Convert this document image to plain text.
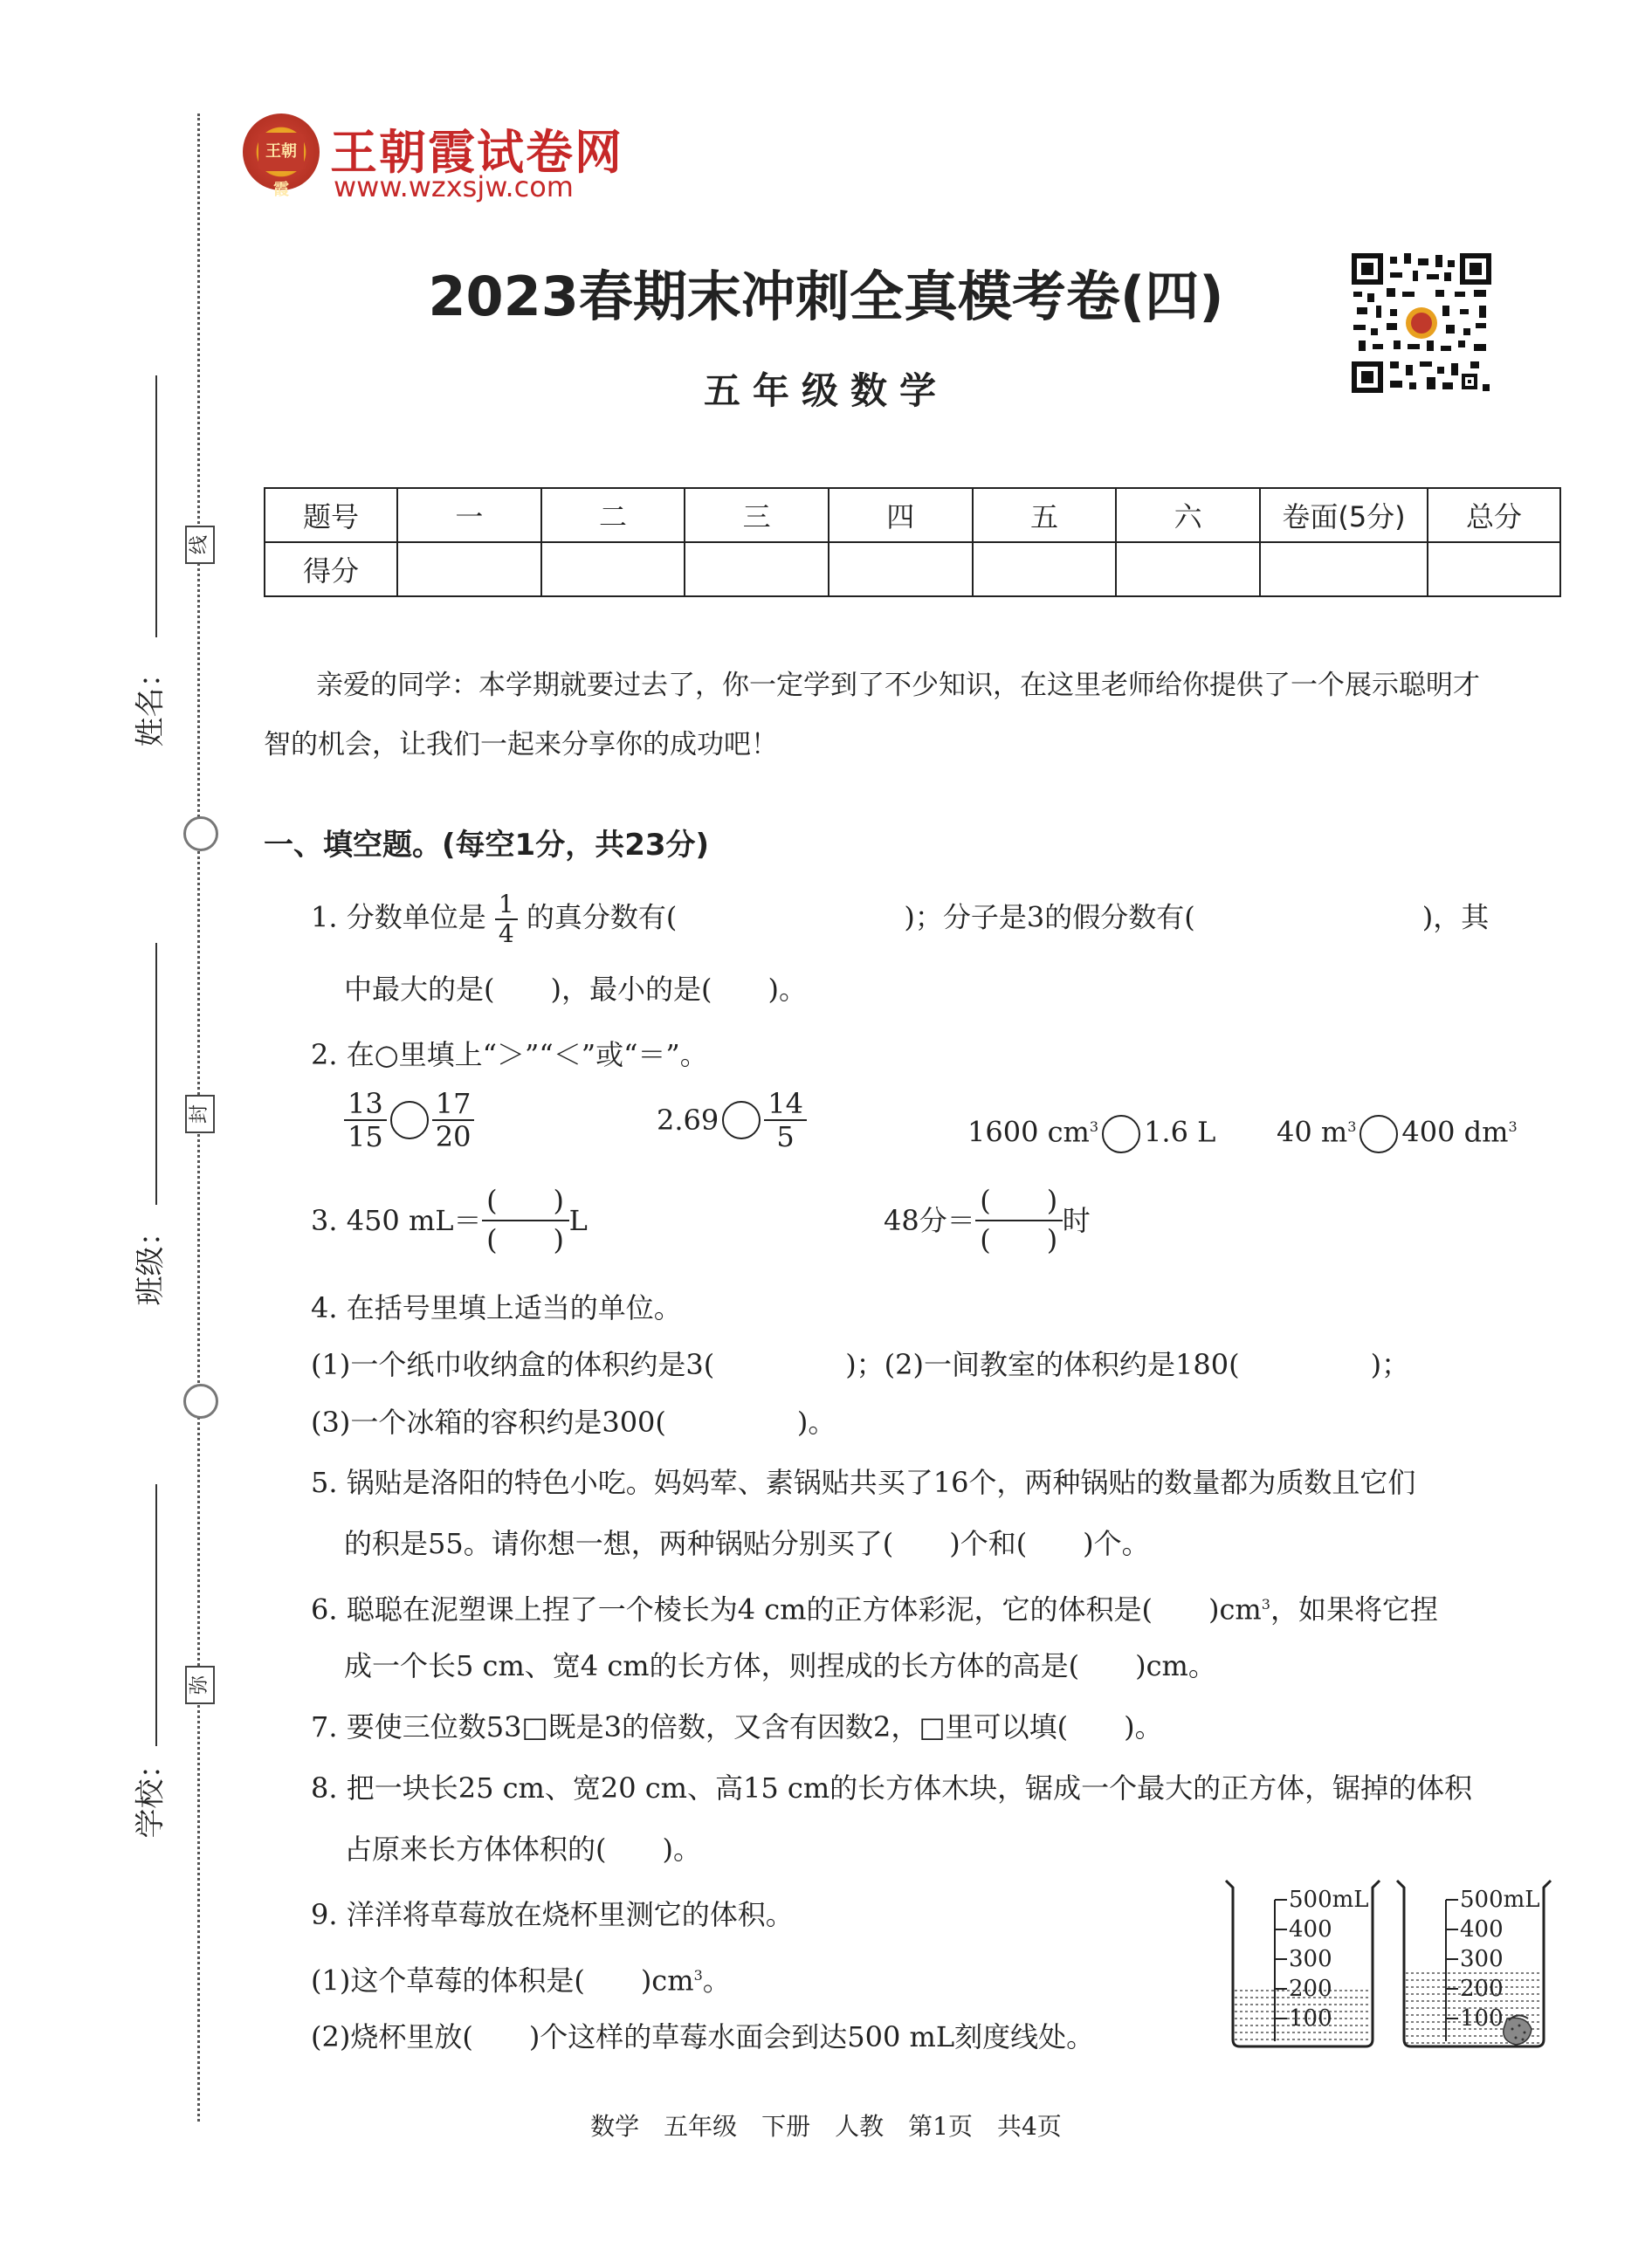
姓名：
班级：
学校：
线
封
弥
王朝霞
王朝霞试卷网
www.wzxsjw.com
2023春期末冲刺全真模考卷(四)
五年级数学
题号	一	二	三	四	五	六	卷面(5分)	总分
得分								
亲爱的同学：本学期就要过去了，你一定学到了不少知识，在这里老师给你提供了一个展示聪明才
智的机会，让我们一起来分享你的成功吧！
一、填空题。(每空1分，共23分)
1. 分数单位是 $\frac{1}{4}$ 的真分数有(	)；分子是3的假分数有(	)，其
中最大的是(　　)，最小的是(　　)。
2. 在○里填上“＞”“＜”或“＝”。
$\frac{13}{15} \frac{17}{20}$	$2.69 \frac{14}{5}$	1600 $cm^3$ 1.6 L 40 $m^3$ 400 $dm^3$
3. 450 $mL= \frac{( )}{( )}$ L	48分＝ $\frac{( )}{( )}$ 时
4. 在括号里填上适当的单位。
(1)一个纸巾收纳盒的体积约是3(	)；(2)一间教室的体积约是180(	)；
(3)一个冰箱的容积约是300(	)。
5. 锅贴是洛阳的特色小吃。妈妈荤、素锅贴共买了16个，两种锅贴的数量都为质数且它们
的积是55。请你想一想，两种锅贴分别买了(　　)个和(　　)个。
6. 聪聪在泥塑课上捏了一个棱长为4 cm的正方体彩泥，它的体积是(　　)$cm^3$，如果将它捏
成一个长5 cm、宽4 cm的长方体，则捏成的长方体的高是(　　)cm。
7. 要使三位数53□既是3的倍数，又含有因数2，□里可以填(　　)。
8. 把一块长25 cm、宽20 cm、高15 cm的长方体木块，锯成一个最大的正方体，锯掉的体积
占原来长方体体积的(　　)。
9. 洋洋将草莓放在烧杯里测它的体积。
(1)这个草莓的体积是(　　)$cm^3$。
(2)烧杯里放(　　)个这样的草莓水面会到达500 mL刻度线处。
500mL
400
300
200
100
500mL
400
300
200
100
数学　五年级　下册　人教　第1页　共4页
